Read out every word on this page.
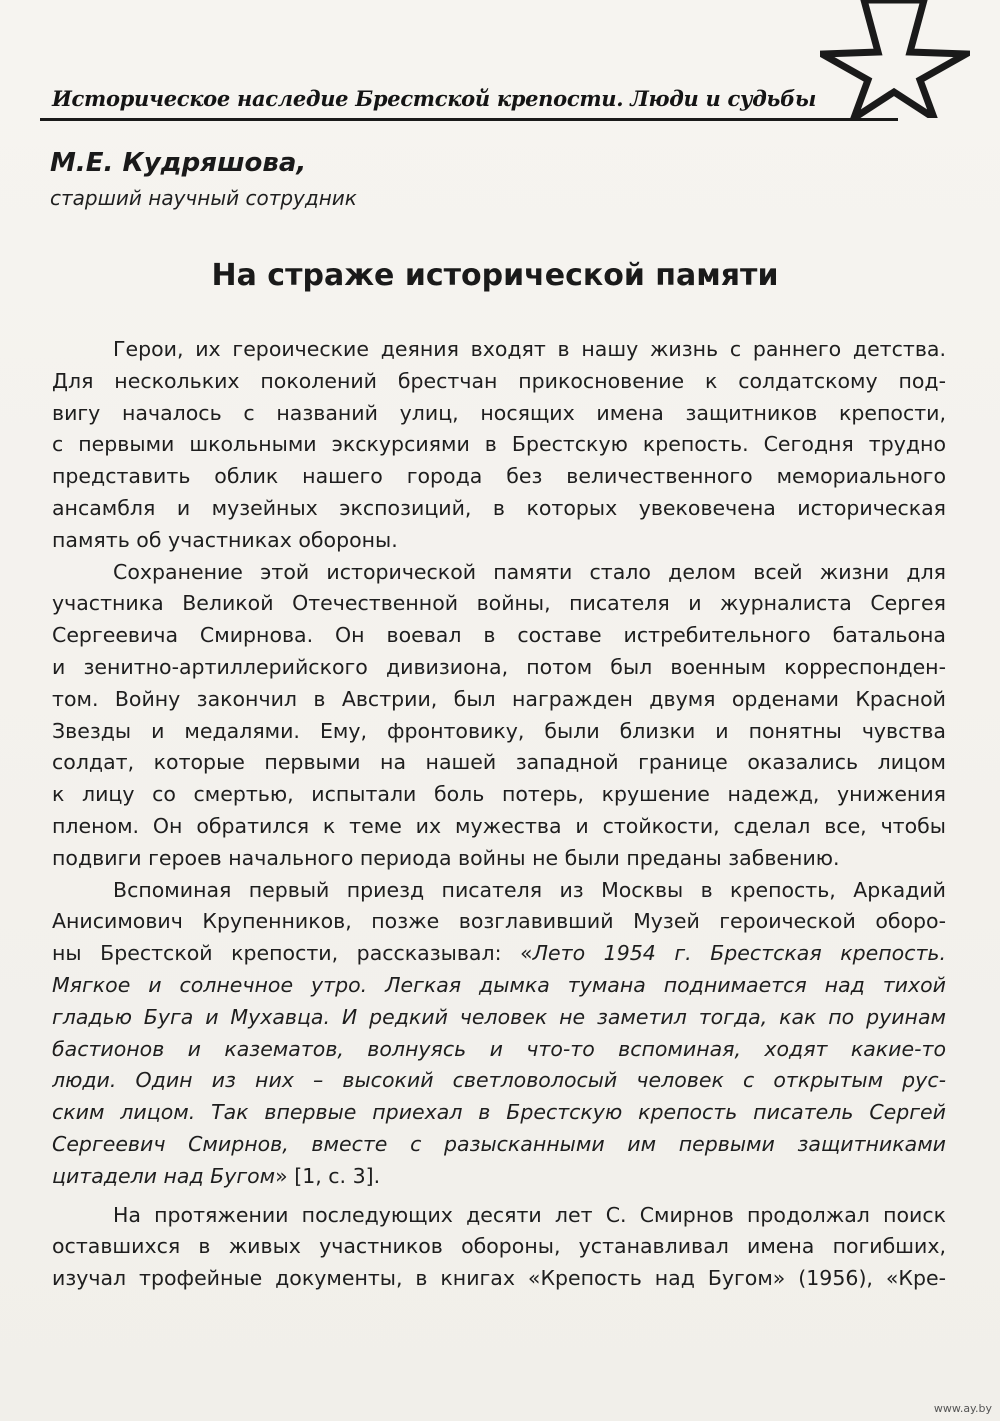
Историческое наследие Брестской крепости. Люди и судьбы
М.Е. Кудряшова,
старший научный сотрудник
На страже исторической памяти
Герои, их героические деяния входят в нашу жизнь с раннего детства.
Для нескольких поколений брестчан прикосновение к солдатскому под-
вигу началось с названий улиц, носящих имена защитников крепости,
с первыми школьными экскурсиями в Брестскую крепость. Сегодня трудно
представить облик нашего города без величественного мемориального
ансамбля и музейных экспозиций, в которых увековечена историческая
память об участниках обороны.
Сохранение этой исторической памяти стало делом всей жизни для
участника Великой Отечественной войны, писателя и журналиста Сергея
Сергеевича Смирнова. Он воевал в составе истребительного батальона
и зенитно-артиллерийского дивизиона, потом был военным корреспонден-
том. Войну закончил в Австрии, был награжден двумя орденами Красной
Звезды и медалями. Ему, фронтовику, были близки и понятны чувства
солдат, которые первыми на нашей западной границе оказались лицом
к лицу со смертью, испытали боль потерь, крушение надежд, унижения
пленом. Он обратился к теме их мужества и стойкости, сделал все, чтобы
подвиги героев начального периода войны не были преданы забвению.
Вспоминая первый приезд писателя из Москвы в крепость, Аркадий
Анисимович Крупенников, позже возглавивший Музей героической оборо-
ны Брестской крепости, рассказывал: «Лето 1954 г. Брестская крепость.
Мягкое и солнечное утро. Легкая дымка тумана поднимается над тихой
гладью Буга и Мухавца. И редкий человек не заметил тогда, как по руинам
бастионов и казематов, волнуясь и что-то вспоминая, ходят какие-то
люди. Один из них – высокий светловолосый человек с открытым рус-
ским лицом. Так впервые приехал в Брестскую крепость писатель Сергей
Сергеевич Смирнов, вместе с разысканными им первыми защитниками
цитадели над Бугом» [1, с. 3].
На протяжении последующих десяти лет С. Смирнов продолжал поиск
оставшихся в живых участников обороны, устанавливал имена погибших,
изучал трофейные документы, в книгах «Крепость над Бугом» (1956), «Кре-
www.ay.by
